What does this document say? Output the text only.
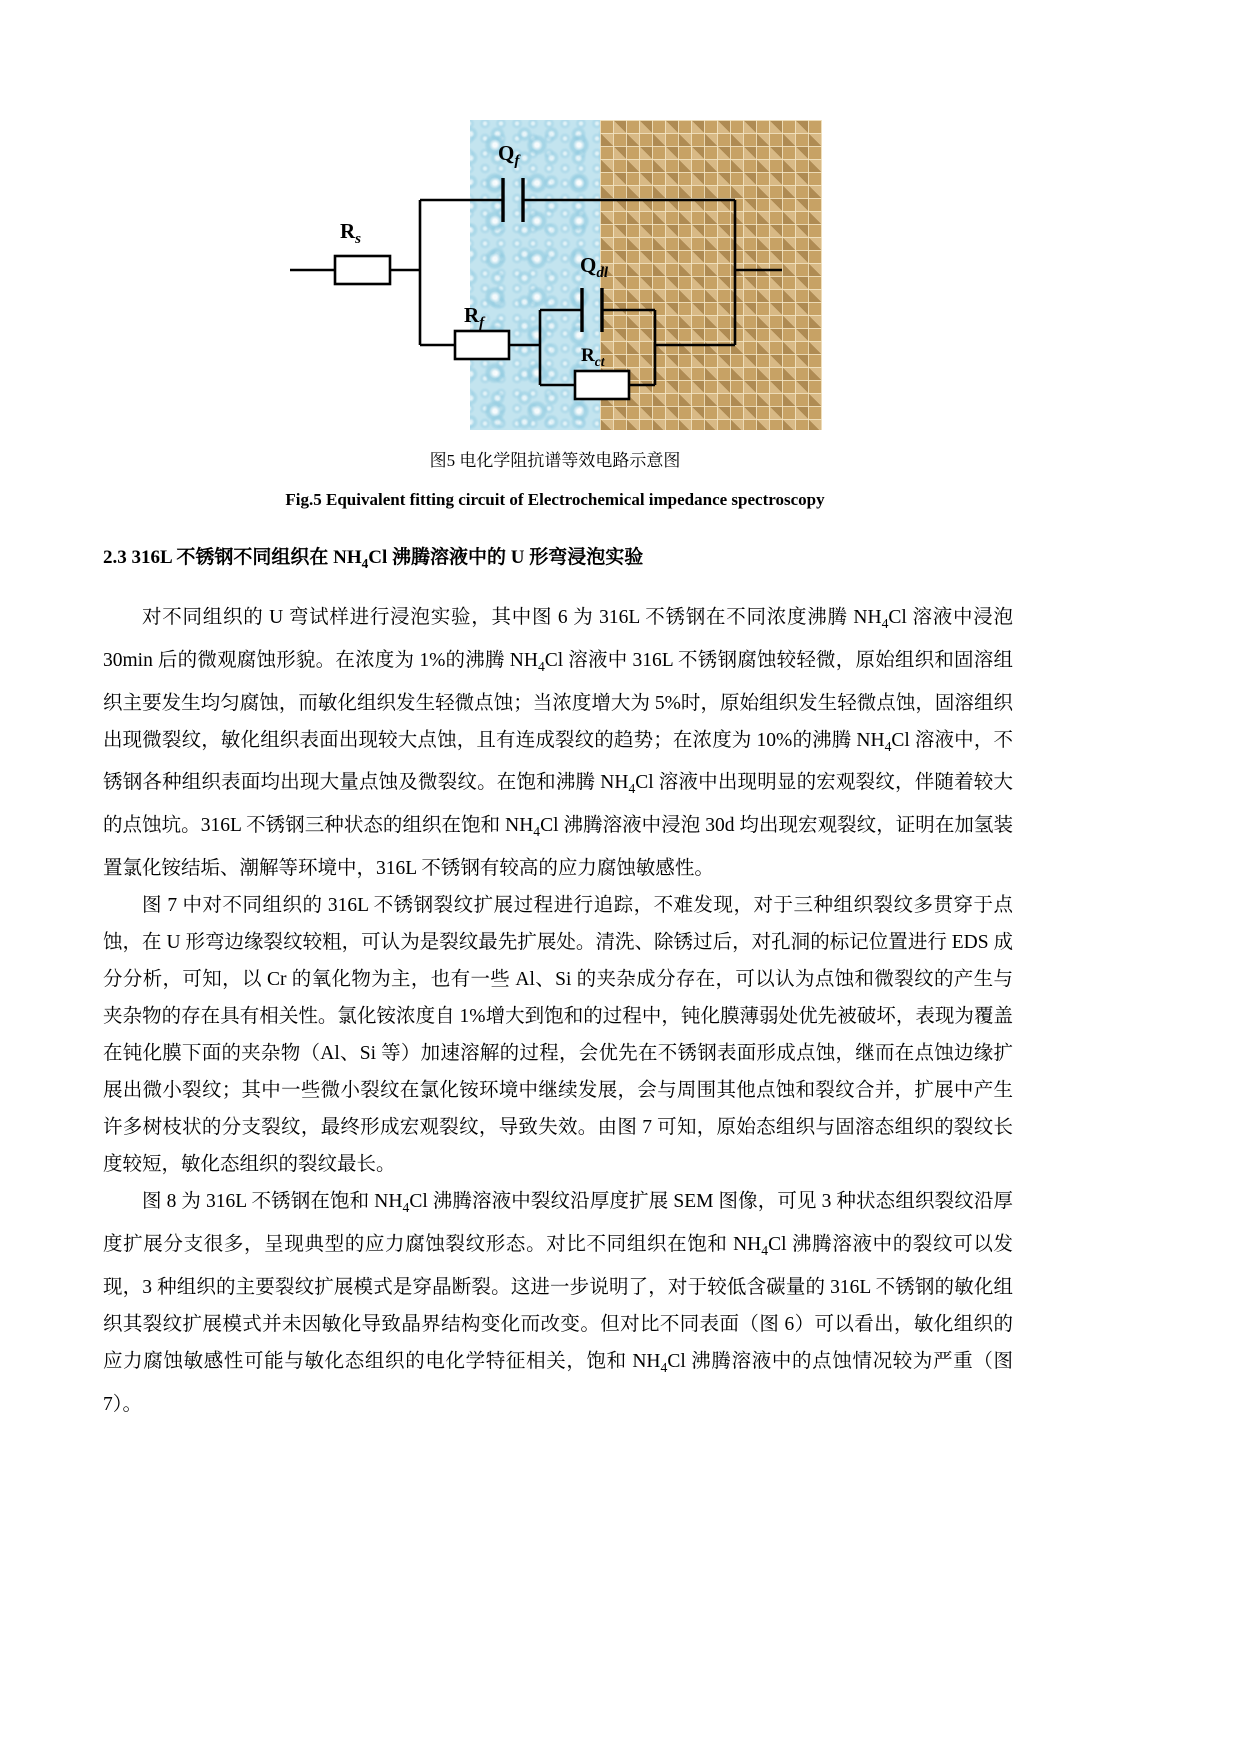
$R_s$
$Q_f$
$R_f$
$Q_{dl}$
$R_{ct}$
图5 电化学阻抗谱等效电路示意图
Fig.5 Equivalent fitting circuit of Electrochemical impedance spectroscopy
2.3 316L 不锈钢不同组织在 $NH_4Cl$ 沸腾溶液中的 U 形弯浸泡实验

对不同组织的 U 弯试样进行浸泡实验，其中图 6 为 316L 不锈钢在不同浓度沸腾 $NH_4Cl$ 溶液中浸泡 30min 后的微观腐蚀形貌。在浓度为 1%的沸腾 $NH_4Cl$ 溶液中 316L 不锈钢腐蚀较轻微，原始组织和固溶组织主要发生均匀腐蚀，而敏化组织发生轻微点蚀；当浓度增大为 5%时，原始组织发生轻微点蚀，固溶组织出现微裂纹，敏化组织表面出现较大点蚀，且有连成裂纹的趋势；在浓度为 10%的沸腾 $NH_4Cl$ 溶液中，不锈钢各种组织表面均出现大量点蚀及微裂纹。在饱和沸腾 $NH_4Cl$ 溶液中出现明显的宏观裂纹，伴随着较大的点蚀坑。316L 不锈钢三种状态的组织在饱和 $NH_4Cl$ 沸腾溶液中浸泡 30d 均出现宏观裂纹，证明在加氢装置氯化铵结垢、潮解等环境中，316L 不锈钢有较高的应力腐蚀敏感性。

图 7 中对不同组织的 316L 不锈钢裂纹扩展过程进行追踪，不难发现，对于三种组织裂纹多贯穿于点蚀，在 U 形弯边缘裂纹较粗，可认为是裂纹最先扩展处。清洗、除锈过后，对孔洞的标记位置进行 EDS 成分分析，可知，以 Cr 的氧化物为主，也有一些 Al、Si 的夹杂成分存在，可以认为点蚀和微裂纹的产生与夹杂物的存在具有相关性。氯化铵浓度自 1%增大到饱和的过程中，钝化膜薄弱处优先被破坏，表现为覆盖在钝化膜下面的夹杂物（Al、Si 等）加速溶解的过程，会优先在不锈钢表面形成点蚀，继而在点蚀边缘扩展出微小裂纹；其中一些微小裂纹在氯化铵环境中继续发展，会与周围其他点蚀和裂纹合并，扩展中产生许多树枝状的分支裂纹，最终形成宏观裂纹，导致失效。由图 7 可知，原始态组织与固溶态组织的裂纹长度较短，敏化态组织的裂纹最长。

图 8 为 316L 不锈钢在饱和 $NH_4Cl$ 沸腾溶液中裂纹沿厚度扩展 SEM 图像，可见 3 种状态组织裂纹沿厚度扩展分支很多，呈现典型的应力腐蚀裂纹形态。对比不同组织在饱和 $NH_4Cl$ 沸腾溶液中的裂纹可以发现，3 种组织的主要裂纹扩展模式是穿晶断裂。这进一步说明了，对于较低含碳量的 316L 不锈钢的敏化组织其裂纹扩展模式并未因敏化导致晶界结构变化而改变。但对比不同表面（图 6）可以看出，敏化组织的应力腐蚀敏感性可能与敏化态组织的电化学特征相关，饱和 $NH_4Cl$ 沸腾溶液中的点蚀情况较为严重（图 7）。
